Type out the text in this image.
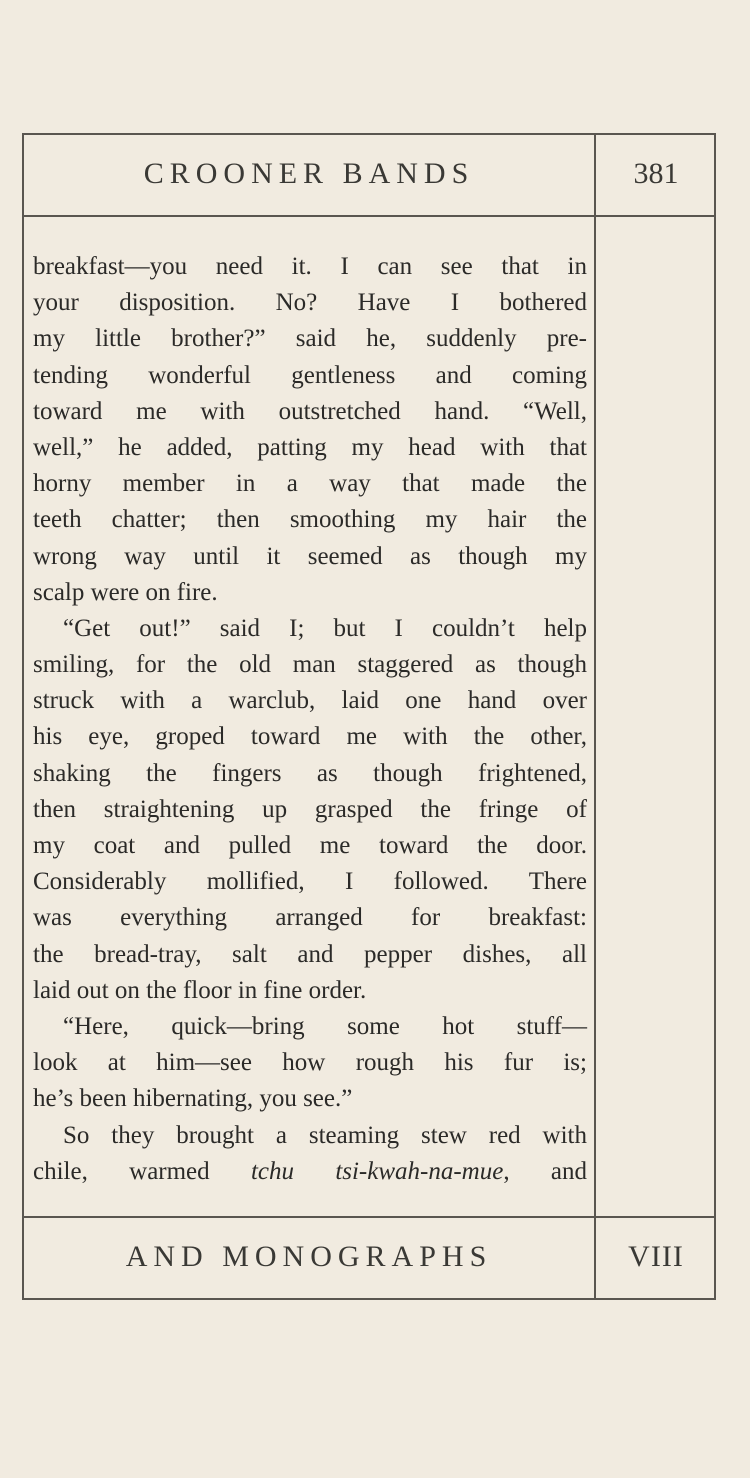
CROONER BANDS	381
breakfast—you need it. I can see that in
your disposition. No? Have I bothered
my little brother?” said he, suddenly pre-
tending wonderful gentleness and coming
toward me with outstretched hand. “Well,
well,” he added, patting my head with that
horny member in a way that made the
teeth chatter; then smoothing my hair the
wrong way until it seemed as though my
scalp were on fire.
“Get out!” said I; but I couldn’t help
smiling, for the old man staggered as though
struck with a warclub, laid one hand over
his eye, groped toward me with the other,
shaking the fingers as though frightened,
then straightening up grasped the fringe of
my coat and pulled me toward the door.
Considerably mollified, I followed. There
was everything arranged for breakfast:
the bread-tray, salt and pepper dishes, all
laid out on the floor in fine order.
“Here, quick—bring some hot stuff—
look at him—see how rough his fur is;
he’s been hibernating, you see.”
So they brought a steaming stew red with
chile, warmed tchu tsi-kwah-na-mue, and
AND MONOGRAPHS	VIII
